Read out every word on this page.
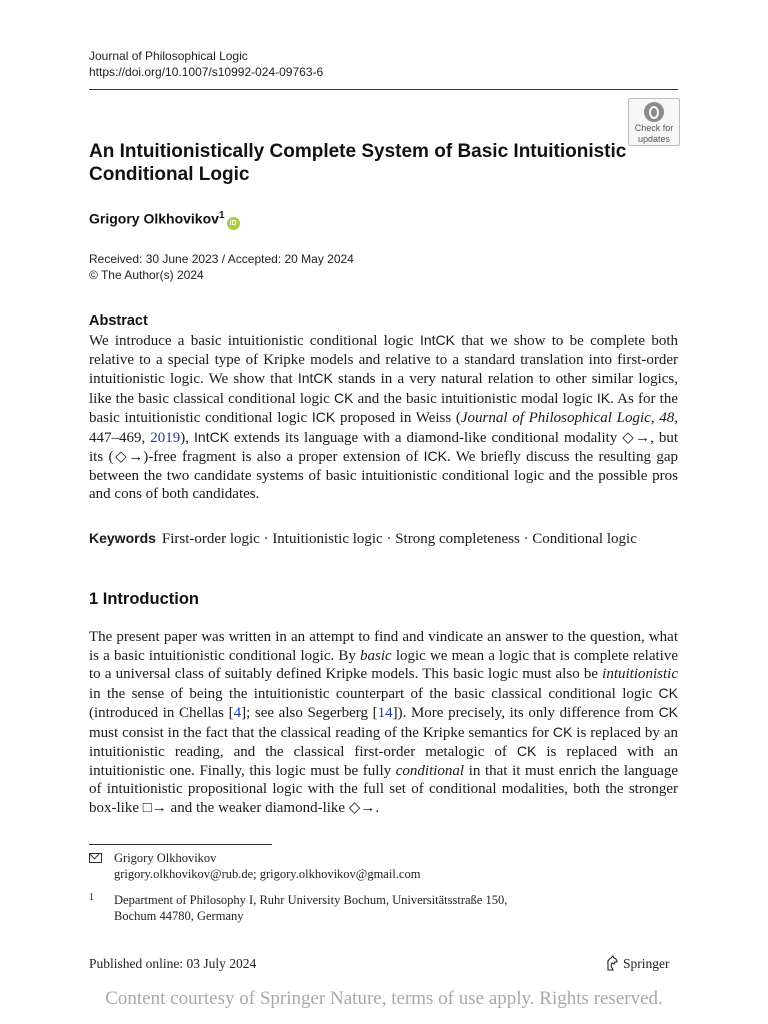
Journal of Philosophical Logic
https://doi.org/10.1007/s10992-024-09763-6
Check for
updates
An Intuitionistically Complete System of Basic Intuitionistic Conditional Logic
Grigory Olkhovikov$^1$iD
Received: 30 June 2023 / Accepted: 20 May 2024
© The Author(s) 2024
Abstract
We introduce a basic intuitionistic conditional logic IntCK that we show to be complete both relative to a special type of Kripke models and relative to a standard translation into first-order intuitionistic logic. We show that IntCK stands in a very natural relation to other similar logics, like the basic classical conditional logic CK and the basic intuitionistic modal logic IK. As for the basic intuitionistic conditional logic ICK proposed in Weiss (Journal of Philosophical Logic, 48, 447–469, 2019), IntCK extends its language with a diamond-like conditional modality ◇→, but its (◇→)-free fragment is also a proper extension of ICK. We briefly discuss the resulting gap between the two candidate systems of basic intuitionistic conditional logic and the possible pros and cons of both candidates.
Keywords First-order logic · Intuitionistic logic · Strong completeness · Conditional logic
1 Introduction
The present paper was written in an attempt to find and vindicate an answer to the question, what is a basic intuitionistic conditional logic. By basic logic we mean a logic that is complete relative to a universal class of suitably defined Kripke models. This basic logic must also be intuitionistic in the sense of being the intuitionistic counterpart of the basic classical conditional logic CK (introduced in Chellas [4]; see also Segerberg [14]). More precisely, its only difference from CK must consist in the fact that the classical reading of the Kripke semantics for CK is replaced by an intuitionistic reading, and the classical first-order metalogic of CK is replaced with an intuitionistic one. Finally, this logic must be fully conditional in that it must enrich the language of intuitionistic propositional logic with the full set of conditional modalities, both the stronger box-like □→ and the weaker diamond-like ◇→.
Grigory Olkhovikov
grigory.olkhovikov@rub.de; grigory.olkhovikov@gmail.com
1 Department of Philosophy I, Ruhr University Bochum, Universitätsstraße 150,
Bochum 44780, Germany
Published online: 03 July 2024	Springer
Content courtesy of Springer Nature, terms of use apply. Rights reserved.
